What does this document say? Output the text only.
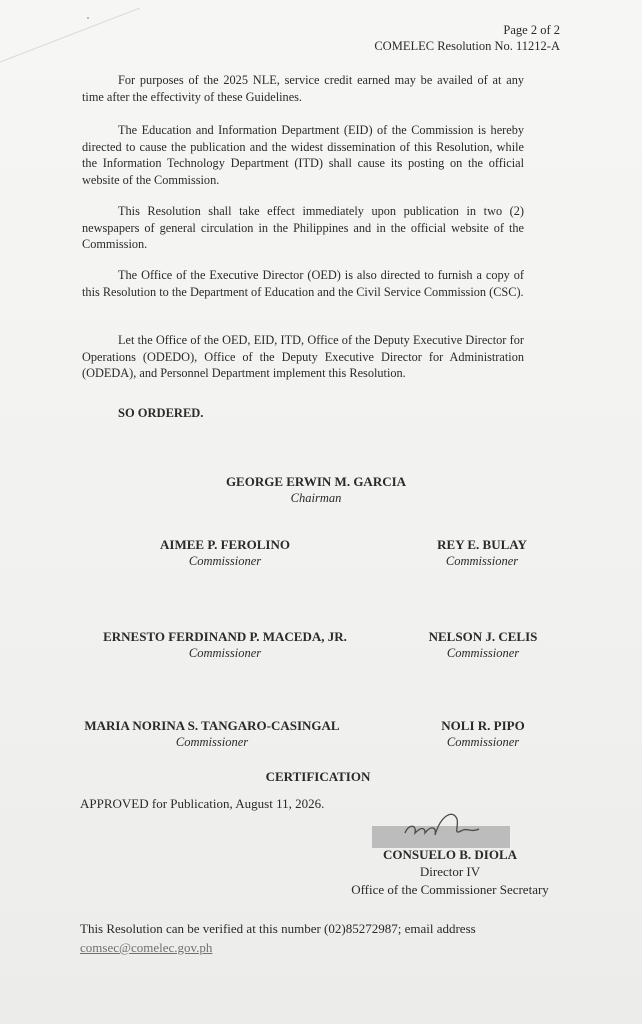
Page 2 of 2
COMELEC Resolution No. 11212-A

For purposes of the 2025 NLE, service credit earned may be availed of at any time after the effectivity of these Guidelines.

The Education and Information Department (EID) of the Commission is hereby directed to cause the publication and the widest dissemination of this Resolution, while the Information Technology Department (ITD) shall cause its posting on the official website of the Commission.

This Resolution shall take effect immediately upon publication in two (2) newspapers of general circulation in the Philippines and in the official website of the Commission.

The Office of the Executive Director (OED) is also directed to furnish a copy of this Resolution to the Department of Education and the Civil Service Commission (CSC).

Let the Office of the OED, EID, ITD, Office of the Deputy Executive Director for Operations (ODEDO), Office of the Deputy Executive Director for Administration (ODEDA), and Personnel Department implement this Resolution.

SO ORDERED.
GEORGE ERWIN M. GARCIA
Chairman
AIMEE P. FEROLINO
Commissioner
REY E. BULAY
Commissioner
ERNESTO FERDINAND P. MACEDA, JR.
Commissioner
NELSON J. CELIS
Commissioner
MARIA NORINA S. TANGARO-CASINGAL
Commissioner
NOLI R. PIPO
Commissioner
CERTIFICATION
APPROVED for Publication, August 11, 2026.
CONSUELO B. DIOLA
Director IV
Office of the Commissioner Secretary
This Resolution can be verified at this number (02)85272987; email address
comsec@comelec.gov.ph
